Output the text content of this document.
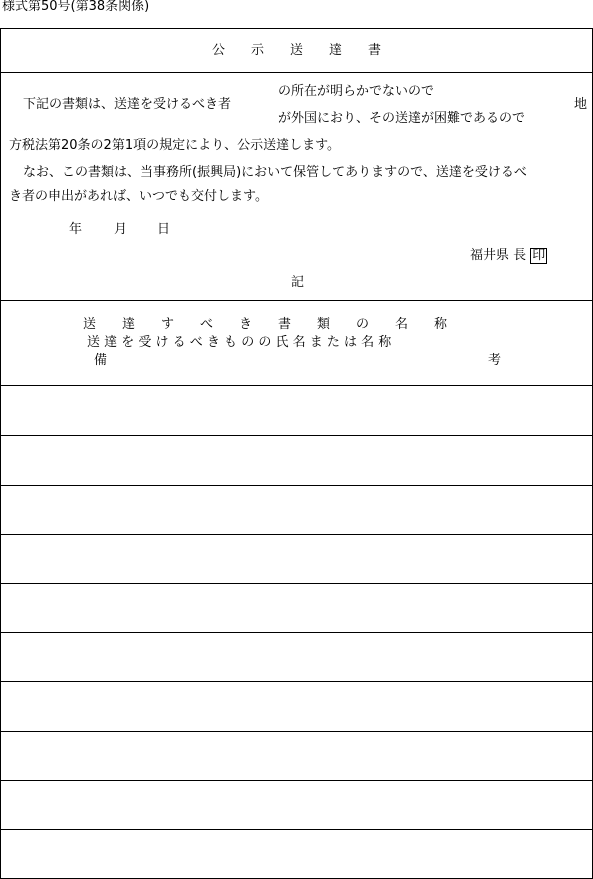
様式第50号(第38条関係)
公　　示　　送　　達　　書
下記の書類は、送達を受けるべき者
の所在が明らかでないので
が外国におり、その送達が困難であるので
地
方税法第20条の2第1項の規定により、公示送達します。
なお、この書類は、当事務所(振興局)において保管してありますので、送達を受けるべ
き者の申出があれば、いつでも交付します。
年 月 日
福井県 長 印
記
送　　達　　す　　べ　　き　　書　　類　　の　　名　　称
送 達 を 受 け る べ き も の の 氏 名 ま た は 名 称
備	考
